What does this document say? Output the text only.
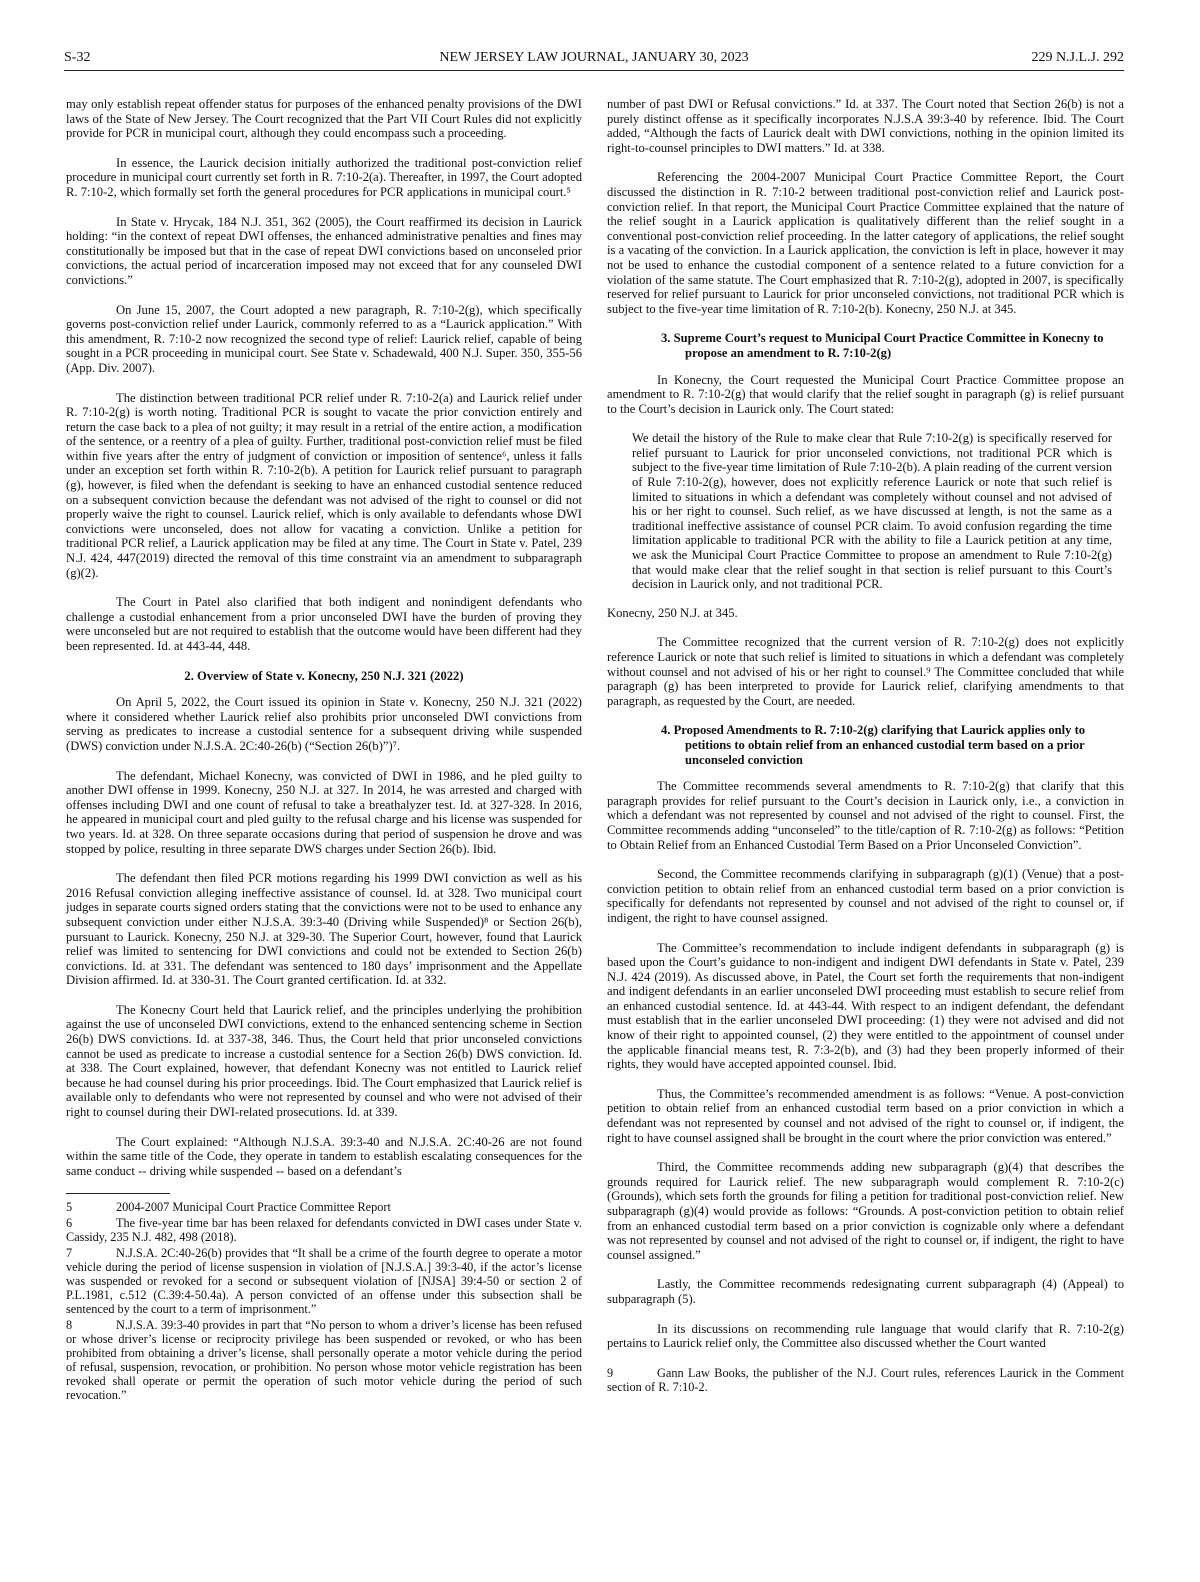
S-32	NEW JERSEY LAW JOURNAL, JANUARY 30, 2023	229 N.J.L.J. 292

may only establish repeat offender status for purposes of the enhanced penalty provisions of the DWI laws of the State of New Jersey. The Court recognized that the Part VII Court Rules did not explicitly provide for PCR in municipal court, although they could encompass such a proceeding.

In essence, the Laurick decision initially authorized the traditional post-conviction relief procedure in municipal court currently set forth in R. 7:10-2(a). Thereafter, in 1997, the Court adopted R. 7:10-2, which formally set forth the general procedures for PCR applications in municipal court.⁵

In State v. Hrycak, 184 N.J. 351, 362 (2005), the Court reaffirmed its decision in Laurick holding: “in the context of repeat DWI offenses, the enhanced administrative penalties and fines may constitutionally be imposed but that in the case of repeat DWI convictions based on unconseled prior convictions, the actual period of incarceration imposed may not exceed that for any counseled DWI convictions.”

On June 15, 2007, the Court adopted a new paragraph, R. 7:10-2(g), which specifically governs post-conviction relief under Laurick, commonly referred to as a “Laurick application.” With this amendment, R. 7:10-2 now recognized the second type of relief: Laurick relief, capable of being sought in a PCR proceeding in municipal court. See State v. Schadewald, 400 N.J. Super. 350, 355-56 (App. Div. 2007).

The distinction between traditional PCR relief under R. 7:10-2(a) and Laurick relief under R. 7:10-2(g) is worth noting. Traditional PCR is sought to vacate the prior conviction entirely and return the case back to a plea of not guilty; it may result in a retrial of the entire action, a modification of the sentence, or a reentry of a plea of guilty. Further, traditional post-conviction relief must be filed within five years after the entry of judgment of conviction or imposition of sentence⁶, unless it falls under an exception set forth within R. 7:10-2(b). A petition for Laurick relief pursuant to paragraph (g), however, is filed when the defendant is seeking to have an enhanced custodial sentence reduced on a subsequent conviction because the defendant was not advised of the right to counsel or did not properly waive the right to counsel. Laurick relief, which is only available to defendants whose DWI convictions were unconseled, does not allow for vacating a conviction. Unlike a petition for traditional PCR relief, a Laurick application may be filed at any time. The Court in State v. Patel, 239 N.J. 424, 447(2019) directed the removal of this time constraint via an amendment to subparagraph (g)(2).

The Court in Patel also clarified that both indigent and nonindigent defendants who challenge a custodial enhancement from a prior unconseled DWI have the burden of proving they were unconseled but are not required to establish that the outcome would have been different had they been represented. Id. at 443-44, 448.

2. Overview of State v. Konecny, 250 N.J. 321 (2022)

On April 5, 2022, the Court issued its opinion in State v. Konecny, 250 N.J. 321 (2022) where it considered whether Laurick relief also prohibits prior unconseled DWI convictions from serving as predicates to increase a custodial sentence for a subsequent driving while suspended (DWS) conviction under N.J.S.A. 2C:40-26(b) (“Section 26(b)”)⁷.

The defendant, Michael Konecny, was convicted of DWI in 1986, and he pled guilty to another DWI offense in 1999. Konecny, 250 N.J. at 327. In 2014, he was arrested and charged with offenses including DWI and one count of refusal to take a breathalyzer test. Id. at 327-328. In 2016, he appeared in municipal court and pled guilty to the refusal charge and his license was suspended for two years. Id. at 328. On three separate occasions during that period of suspension he drove and was stopped by police, resulting in three separate DWS charges under Section 26(b). Ibid.

The defendant then filed PCR motions regarding his 1999 DWI conviction as well as his 2016 Refusal conviction alleging ineffective assistance of counsel. Id. at 328. Two municipal court judges in separate courts signed orders stating that the convictions were not to be used to enhance any subsequent conviction under either N.J.S.A. 39:3-40 (Driving while Suspended)⁸ or Section 26(b), pursuant to Laurick. Konecny, 250 N.J. at 329-30. The Superior Court, however, found that Laurick relief was limited to sentencing for DWI convictions and could not be extended to Section 26(b) convictions. Id. at 331. The defendant was sentenced to 180 days’ imprisonment and the Appellate Division affirmed. Id. at 330-31. The Court granted certification. Id. at 332.

The Konecny Court held that Laurick relief, and the principles underlying the prohibition against the use of unconseled DWI convictions, extend to the enhanced sentencing scheme in Section 26(b) DWS convictions. Id. at 337-38, 346. Thus, the Court held that prior unconseled convictions cannot be used as predicate to increase a custodial sentence for a Section 26(b) DWS conviction. Id. at 338. The Court explained, however, that defendant Konecny was not entitled to Laurick relief because he had counsel during his prior proceedings. Ibid. The Court emphasized that Laurick relief is available only to defendants who were not represented by counsel and who were not advised of their right to counsel during their DWI-related prosecutions. Id. at 339.

The Court explained: “Although N.J.S.A. 39:3-40 and N.J.S.A. 2C:40-26 are not found within the same title of the Code, they operate in tandem to establish escalating consequences for the same conduct -- driving while suspended -- based on a defendant’s

5	2004-2007 Municipal Court Practice Committee Report

6	The five-year time bar has been relaxed for defendants convicted in DWI cases under State v. Cassidy, 235 N.J. 482, 498 (2018).

7	N.J.S.A. 2C:40-26(b) provides that “It shall be a crime of the fourth degree to operate a motor vehicle during the period of license suspension in violation of [N.J.S.A.] 39:3-40, if the actor’s license was suspended or revoked for a second or subsequent violation of [NJSA] 39:4-50 or section 2 of P.L.1981, c.512 (C.39:4-50.4a). A person convicted of an offense under this subsection shall be sentenced by the court to a term of imprisonment.”

8	N.J.S.A. 39:3-40 provides in part that “No person to whom a driver’s license has been refused or whose driver’s license or reciprocity privilege has been suspended or revoked, or who has been prohibited from obtaining a driver’s license, shall personally operate a motor vehicle during the period of refusal, suspension, revocation, or prohibition. No person whose motor vehicle registration has been revoked shall operate or permit the operation of such motor vehicle during the period of such revocation.”

number of past DWI or Refusal convictions.” Id. at 337. The Court noted that Section 26(b) is not a purely distinct offense as it specifically incorporates N.J.S.A 39:3-40 by reference. Ibid. The Court added, “Although the facts of Laurick dealt with DWI convictions, nothing in the opinion limited its right-to-counsel principles to DWI matters.” Id. at 338.

Referencing the 2004-2007 Municipal Court Practice Committee Report, the Court discussed the distinction in R. 7:10-2 between traditional post-conviction relief and Laurick post-conviction relief. In that report, the Municipal Court Practice Committee explained that the nature of the relief sought in a Laurick application is qualitatively different than the relief sought in a conventional post-conviction relief proceeding. In the latter category of applications, the relief sought is a vacating of the conviction. In a Laurick application, the conviction is left in place, however it may not be used to enhance the custodial component of a sentence related to a future conviction for a violation of the same statute. The Court emphasized that R. 7:10-2(g), adopted in 2007, is specifically reserved for relief pursuant to Laurick for prior unconseled convictions, not traditional PCR which is subject to the five-year time limitation of R. 7:10-2(b). Konecny, 250 N.J. at 345.

3. Supreme Court’s request to Municipal Court Practice Committee in Konecny to propose an amendment to R. 7:10-2(g)

In Konecny, the Court requested the Municipal Court Practice Committee propose an amendment to R. 7:10-2(g) that would clarify that the relief sought in paragraph (g) is relief pursuant to the Court’s decision in Laurick only. The Court stated:

We detail the history of the Rule to make clear that Rule 7:10-2(g) is specifically reserved for relief pursuant to Laurick for prior unconseled convictions, not traditional PCR which is subject to the five-year time limitation of Rule 7:10-2(b). A plain reading of the current version of Rule 7:10-2(g), however, does not explicitly reference Laurick or note that such relief is limited to situations in which a defendant was completely without counsel and not advised of his or her right to counsel. Such relief, as we have discussed at length, is not the same as a traditional ineffective assistance of counsel PCR claim. To avoid confusion regarding the time limitation applicable to traditional PCR with the ability to file a Laurick petition at any time, we ask the Municipal Court Practice Committee to propose an amendment to Rule 7:10-2(g) that would make clear that the relief sought in that section is relief pursuant to this Court’s decision in Laurick only, and not traditional PCR.

Konecny, 250 N.J. at 345.

The Committee recognized that the current version of R. 7:10-2(g) does not explicitly reference Laurick or note that such relief is limited to situations in which a defendant was completely without counsel and not advised of his or her right to counsel.⁹ The Committee concluded that while paragraph (g) has been interpreted to provide for Laurick relief, clarifying amendments to that paragraph, as requested by the Court, are needed.

4. Proposed Amendments to R. 7:10-2(g) clarifying that Laurick applies only to petitions to obtain relief from an enhanced custodial term based on a prior unconseled conviction

The Committee recommends several amendments to R. 7:10-2(g) that clarify that this paragraph provides for relief pursuant to the Court’s decision in Laurick only, i.e., a conviction in which a defendant was not represented by counsel and not advised of the right to counsel. First, the Committee recommends adding “unconseled” to the title/caption of R. 7:10-2(g) as follows: “Petition to Obtain Relief from an Enhanced Custodial Term Based on a Prior Unconseled Conviction”.

Second, the Committee recommends clarifying in subparagraph (g)(1) (Venue) that a post-conviction petition to obtain relief from an enhanced custodial term based on a prior conviction is specifically for defendants not represented by counsel and not advised of the right to counsel or, if indigent, the right to have counsel assigned.

The Committee’s recommendation to include indigent defendants in subparagraph (g) is based upon the Court’s guidance to non-indigent and indigent DWI defendants in State v. Patel, 239 N.J. 424 (2019). As discussed above, in Patel, the Court set forth the requirements that non-indigent and indigent defendants in an earlier unconseled DWI proceeding must establish to secure relief from an enhanced custodial sentence. Id. at 443-44. With respect to an indigent defendant, the defendant must establish that in the earlier unconseled DWI proceeding: (1) they were not advised and did not know of their right to appointed counsel, (2) they were entitled to the appointment of counsel under the applicable financial means test, R. 7:3-2(b), and (3) had they been properly informed of their rights, they would have accepted appointed counsel. Ibid.

Thus, the Committee’s recommended amendment is as follows: “Venue. A post-conviction petition to obtain relief from an enhanced custodial term based on a prior conviction in which a defendant was not represented by counsel and not advised of the right to counsel or, if indigent, the right to have counsel assigned shall be brought in the court where the prior conviction was entered.”

Third, the Committee recommends adding new subparagraph (g)(4) that describes the grounds required for Laurick relief. The new subparagraph would complement R. 7:10-2(c) (Grounds), which sets forth the grounds for filing a petition for traditional post-conviction relief. New subparagraph (g)(4) would provide as follows: “Grounds. A post-conviction petition to obtain relief from an enhanced custodial term based on a prior conviction is cognizable only where a defendant was not represented by counsel and not advised of the right to counsel or, if indigent, the right to have counsel assigned.”

Lastly, the Committee recommends redesignating current subparagraph (4) (Appeal) to subparagraph (5).

In its discussions on recommending rule language that would clarify that R. 7:10-2(g) pertains to Laurick relief only, the Committee also discussed whether the Court wanted

9	Gann Law Books, the publisher of the N.J. Court rules, references Laurick in the Comment section of R. 7:10-2.
